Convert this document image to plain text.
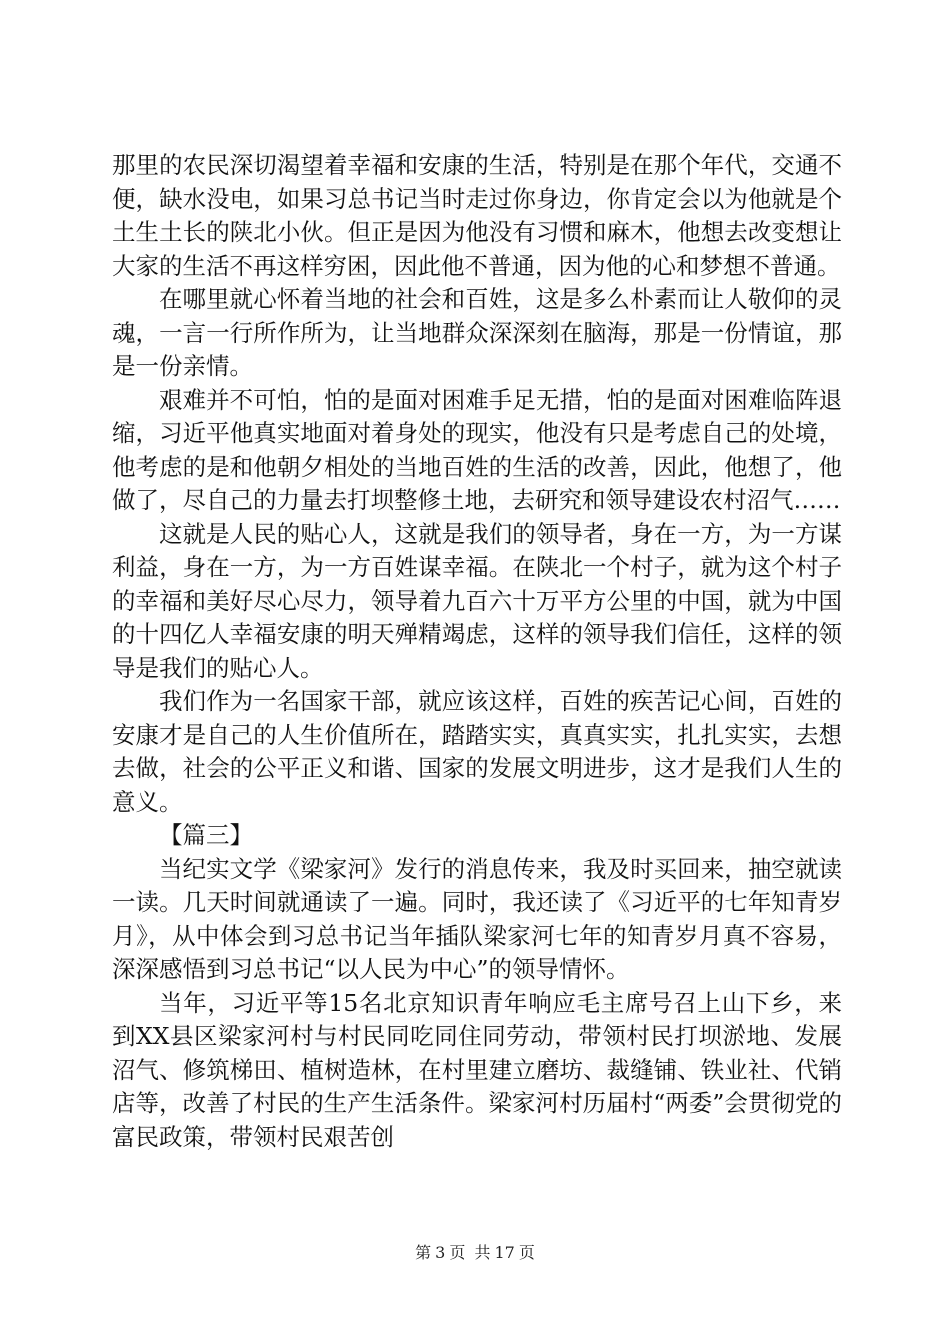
那里的农民深切渴望着幸福和安康的生活，特别是在那个年代，交通不便，缺水没电，如果习总书记当时走过你身边，你肯定会以为他就是个土生土长的陕北小伙。但正是因为他没有习惯和麻木，他想去改变想让大家的生活不再这样穷困，因此他不普通，因为他的心和梦想不普通。

在哪里就心怀着当地的社会和百姓，这是多么朴素而让人敬仰的灵魂，一言一行所作所为，让当地群众深深刻在脑海，那是一份情谊，那是一份亲情。

艰难并不可怕，怕的是面对困难手足无措，怕的是面对困难临阵退缩，习近平他真实地面对着身处的现实，他没有只是考虑自己的处境，他考虑的是和他朝夕相处的当地百姓的生活的改善，因此，他想了，他做了，尽自己的力量去打坝整修土地，去研究和领导建设农村沼气……

这就是人民的贴心人，这就是我们的领导者，身在一方，为一方谋利益，身在一方，为一方百姓谋幸福。在陕北一个村子，就为这个村子的幸福和美好尽心尽力，领导着九百六十万平方公里的中国，就为中国的十四亿人幸福安康的明天殚精竭虑，这样的领导我们信任，这样的领导是我们的贴心人。

我们作为一名国家干部，就应该这样，百姓的疾苦记心间，百姓的安康才是自己的人生价值所在，踏踏实实，真真实实，扎扎实实，去想去做，社会的公平正义和谐、国家的发展文明进步，这才是我们人生的意义。

【篇三】

当纪实文学《梁家河》发行的消息传来，我及时买回来，抽空就读一读。几天时间就通读了一遍。同时，我还读了《习近平的七年知青岁月》，从中体会到习总书记当年插队梁家河七年的知青岁月真不容易，深深感悟到习总书记“以人民为中心”的领导情怀。

当年，习近平等15名北京知识青年响应毛主席号召上山下乡，来到XX县区梁家河村与村民同吃同住同劳动，带领村民打坝淤地、发展沼气、修筑梯田、植树造林，在村里建立磨坊、裁缝铺、铁业社、代销店等，改善了村民的生产生活条件。梁家河村历届村“两委”会贯彻党的富民政策，带领村民艰苦创

第 3 页 共 17 页
